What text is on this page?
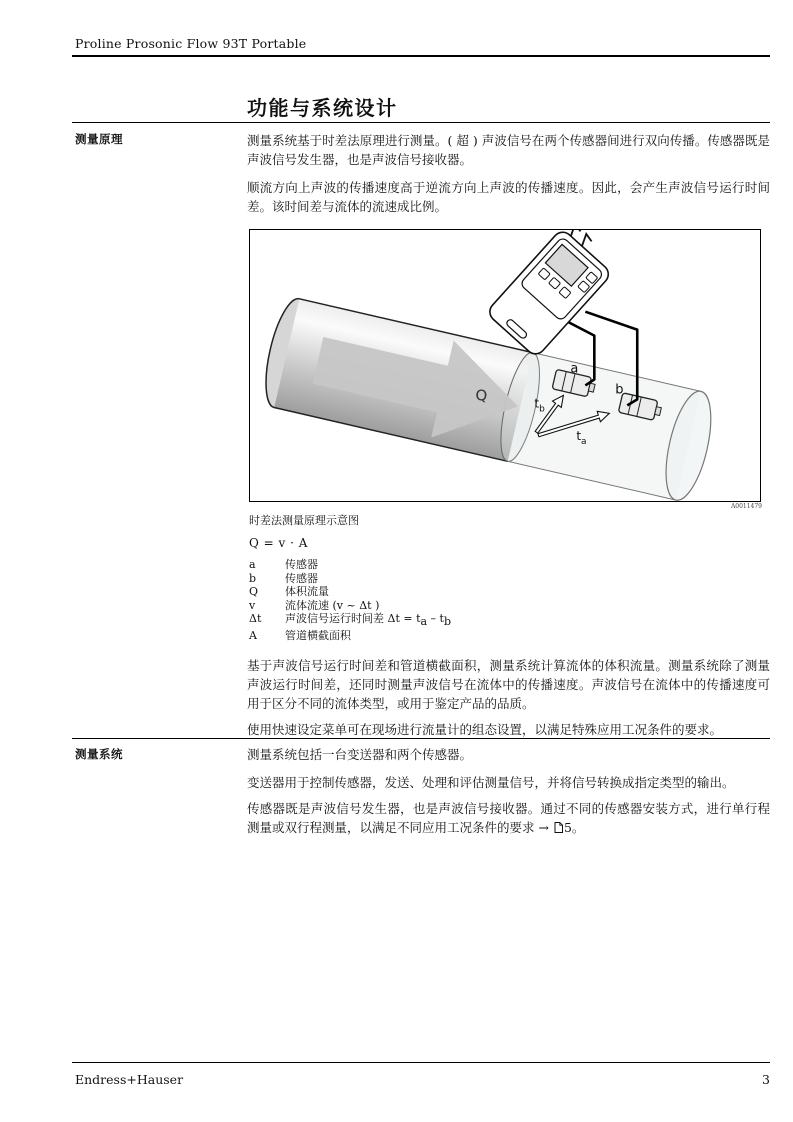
Proline Prosonic Flow 93T Portable
功能与系统设计
测量原理	测量系统基于时差法原理进行测量。( 超 ) 声波信号在两个传感器间进行双向传播。传感器既是声波信号发生器，也是声波信号接收器。

顺流方向上声波的传播速度高于逆流方向上声波的传播速度。因此，会产生声波信号运行时间差。该时间差与流体的流速成比例。

Q
a
b
$t_b$
$t_a$
A0011479
时差法测量原理示意图
Q = v · A
a	传感器
b	传感器
Q	体积流量
v	流体流速 (v ~ Δt )
Δt	声波信号运行时间差 $\Delta t = t_a - t_b$
A	管道横截面积

基于声波信号运行时间差和管道横截面积，测量系统计算流体的体积流量。测量系统除了测量声波运行时间差，还同时测量声波信号在流体中的传播速度。声波信号在流体中的传播速度可用于区分不同的流体类型，或用于鉴定产品的品质。

使用快速设定菜单可在现场进行流量计的组态设置，以满足特殊应用工况条件的要求。

测量系统	测量系统包括一台变送器和两个传感器。

变送器用于控制传感器，发送、处理和评估测量信号，并将信号转换成指定类型的输出。

传感器既是声波信号发生器，也是声波信号接收器。通过不同的传感器安装方式，进行单行程测量或双行程测量，以满足不同应用工况条件的要求 → 5。

Endress+Hauser	3
